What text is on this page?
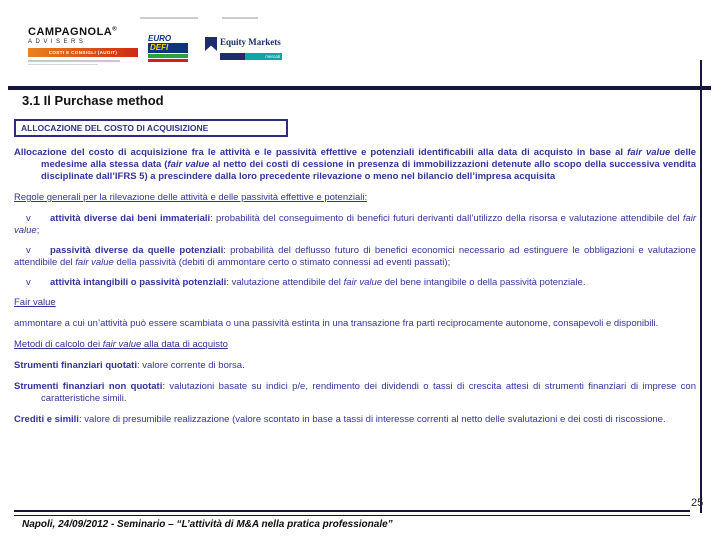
CAMPAGNOLA®
ADVISERS
COSTI E CONSIGLI (AUDIT)
EURO
DEFI
Equity Markets
mercati
3.1 Il Purchase method
ALLOCAZIONE DEL COSTO DI ACQUISIZIONE

Allocazione del costo di acquisizione fra le attività e le passività effettive e potenziali identificabili alla data di acquisto in base al fair value delle medesime alla stessa data (fair value al netto dei costi di cessione in presenza di immobilizzazioni detenute allo scopo della successiva vendita disciplinate dall’IFRS 5) a prescindere dalla loro precedente rilevazione o meno nel bilancio dell’impresa acquisita

Regole generali per la rilevazione delle attività e delle passività effettive e potenziali:

v attività diverse dai beni immateriali: probabilità del conseguimento di benefici futuri derivanti dall’utilizzo della risorsa e valutazione attendibile del fair value;

v passività diverse da quelle potenziali: probabilità del deflusso futuro di benefici economici necessario ad estinguere le obbligazioni e valutazione attendibile del fair value della passività (debiti di ammontare certo o stimato connessi ad eventi passati);

v attività intangibili o passività potenziali: valutazione attendibile del fair value del bene intangibile o della passività potenziale.

Fair value

ammontare a cui un’attività può essere scambiata o una passività estinta in una transazione fra parti reciprocamente autonome, consapevoli e disponibili.

Metodi di calcolo dei fair value alla data di acquisto

Strumenti finanziari quotati: valore corrente di borsa.

Strumenti finanziari non quotati: valutazioni basate su indici p/e, rendimento dei dividendi o tassi di crescita attesi di strumenti finanziari di imprese con caratteristiche simili.

Crediti e simili: valore di presumibile realizzazione (valore scontato in base a tassi di interesse correnti al netto delle svalutazioni e dei costi di riscossione.

25
Napoli, 24/09/2012 - Seminario – “L’attività di M&A nella pratica professionale”
